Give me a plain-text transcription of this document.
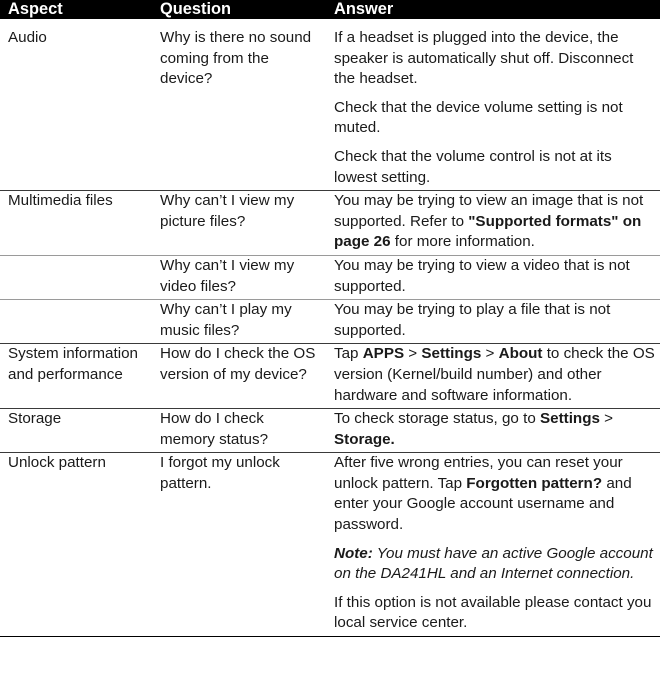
Aspect	Question	Answer

Audio	Why is there no sound coming from the device?	If a headset is plugged into the device, the speaker is automatically shut off. Disconnect the headset.
Check that the device volume setting is not muted.
Check that the volume control is not at its lowest setting.

Multimedia files	Why can’t I view my picture files?	You may be trying to view an image that is not supported. Refer to "Supported formats" on page 26 for more information.

	Why can’t I view my video files?	You may be trying to view a video that is not supported.

	Why can’t I play my music files?	You may be trying to play a file that is not supported.

System information and performance	How do I check the OS version of my device?	Tap APPS > Settings > About to check the OS version (Kernel/build number) and other hardware and software information.

Storage	How do I check memory status?	To check storage status, go to Settings > Storage.

Unlock pattern	I forgot my unlock pattern.	After five wrong entries, you can reset your unlock pattern. Tap Forgotten pattern? and enter your Google account username and password.
Note: You must have an active Google account on the DA241HL and an Internet connection.
If this option is not available please contact you local service center.
